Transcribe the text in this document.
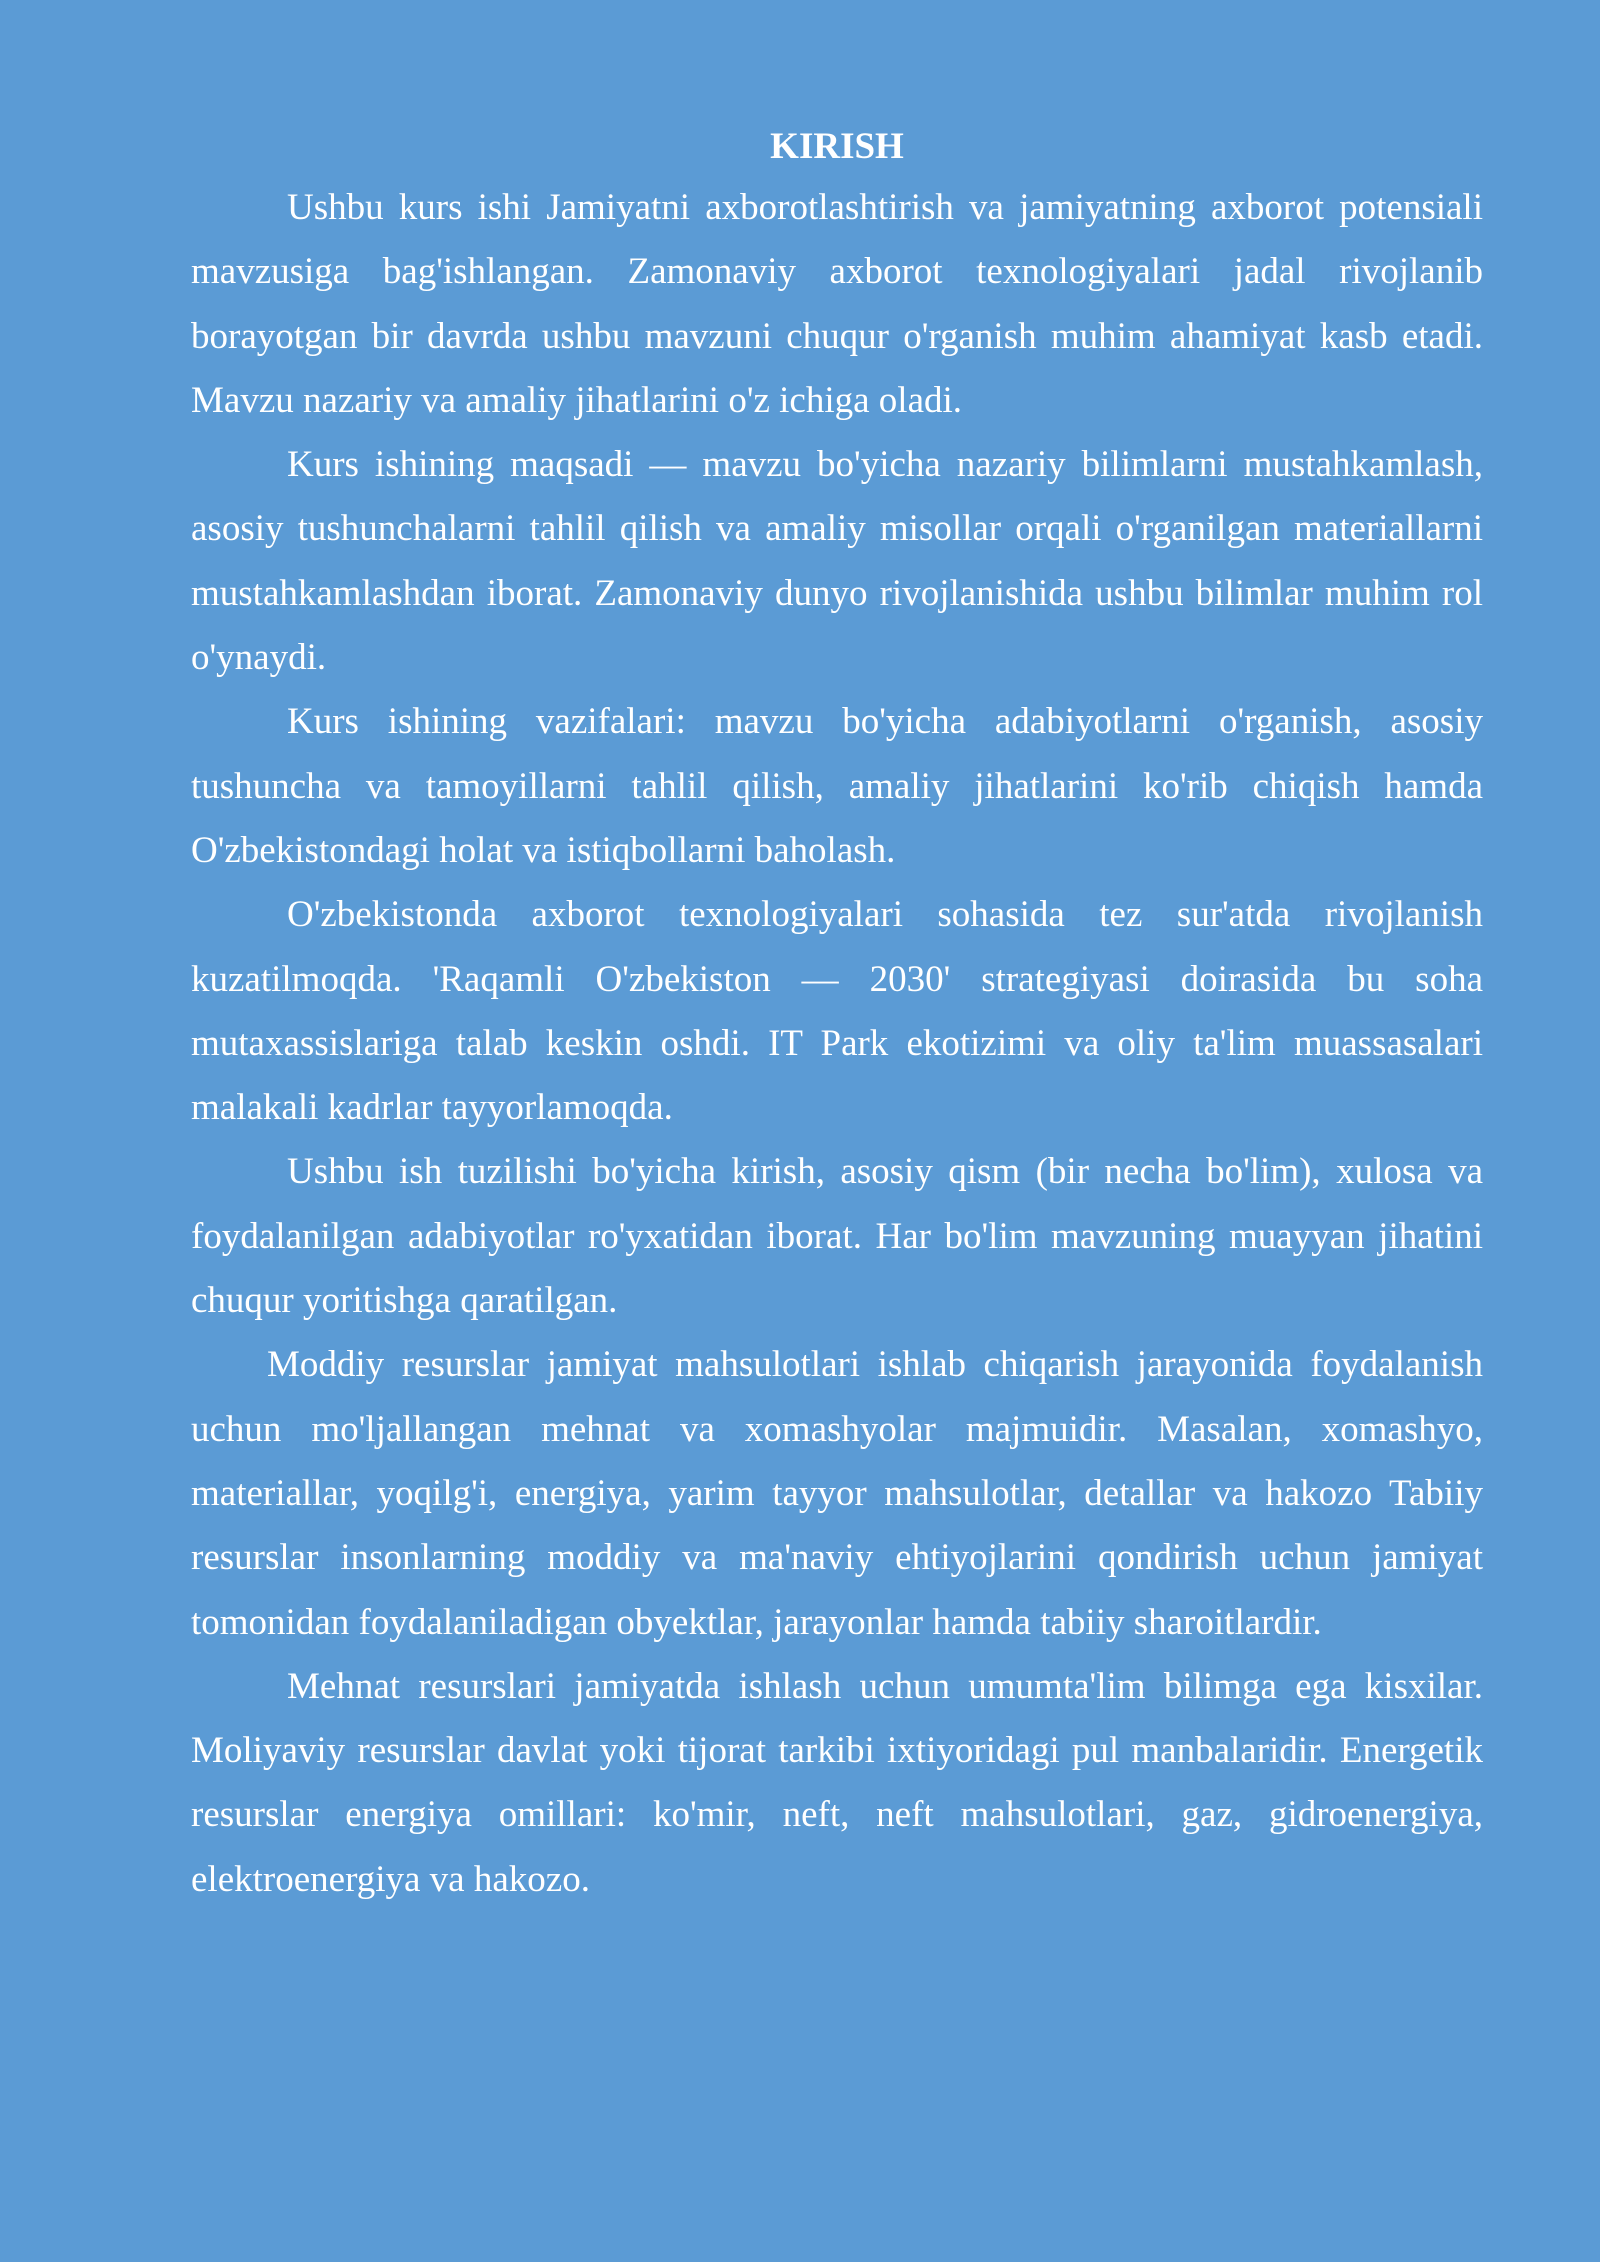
KIRISH

Ushbu kurs ishi Jamiyatni axborotlashtirish va jamiyatning axborot potensiali mavzusiga bag'ishlangan. Zamonaviy axborot texnologiyalari jadal rivojlanib borayotgan bir davrda ushbu mavzuni chuqur o'rganish muhim ahamiyat kasb etadi. Mavzu nazariy va amaliy jihatlarini o'z ichiga oladi.

Kurs ishining maqsadi — mavzu bo'yicha nazariy bilimlarni mustahkamlash, asosiy tushunchalarni tahlil qilish va amaliy misollar orqali o'rganilgan materiallarni mustahkamlashdan iborat. Zamonaviy dunyo rivojlanishida ushbu bilimlar muhim rol o'ynaydi.

Kurs ishining vazifalari: mavzu bo'yicha adabiyotlarni o'rganish, asosiy tushuncha va tamoyillarni tahlil qilish, amaliy jihatlarini ko'rib chiqish hamda O'zbekistondagi holat va istiqbollarni baholash.

O'zbekistonda axborot texnologiyalari sohasida tez sur'atda rivojlanish kuzatilmoqda. 'Raqamli O'zbekiston — 2030' strategiyasi doirasida bu soha mutaxassislariga talab keskin oshdi. IT Park ekotizimi va oliy ta'lim muassasalari malakali kadrlar tayyorlamoqda.

Ushbu ish tuzilishi bo'yicha kirish, asosiy qism (bir necha bo'lim), xulosa va foydalanilgan adabiyotlar ro'yxatidan iborat. Har bo'lim mavzuning muayyan jihatini chuqur yoritishga qaratilgan.

Moddiy resurslar jamiyat mahsulotlari ishlab chiqarish jarayonida foydalanish uchun mo'ljallangan mehnat va xomashyolar majmuidir. Masalan, xomashyo, materiallar, yoqilg'i, energiya, yarim tayyor mahsulotlar, detallar va hakozo Tabiiy resurslar insonlarning moddiy va ma'naviy ehtiyojlarini qondirish uchun jamiyat tomonidan foydalaniladigan obyektlar, jarayonlar hamda tabiiy sharoitlardir.

Mehnat resurslari jamiyatda ishlash uchun umumta'lim bilimga ega kisxilar. Moliyaviy resurslar davlat yoki tijorat tarkibi ixtiyoridagi pul manbalaridir. Energetik resurslar energiya omillari: ko'mir, neft, neft mahsulotlari, gaz, gidroenergiya, elektroenergiya va hakozo.
